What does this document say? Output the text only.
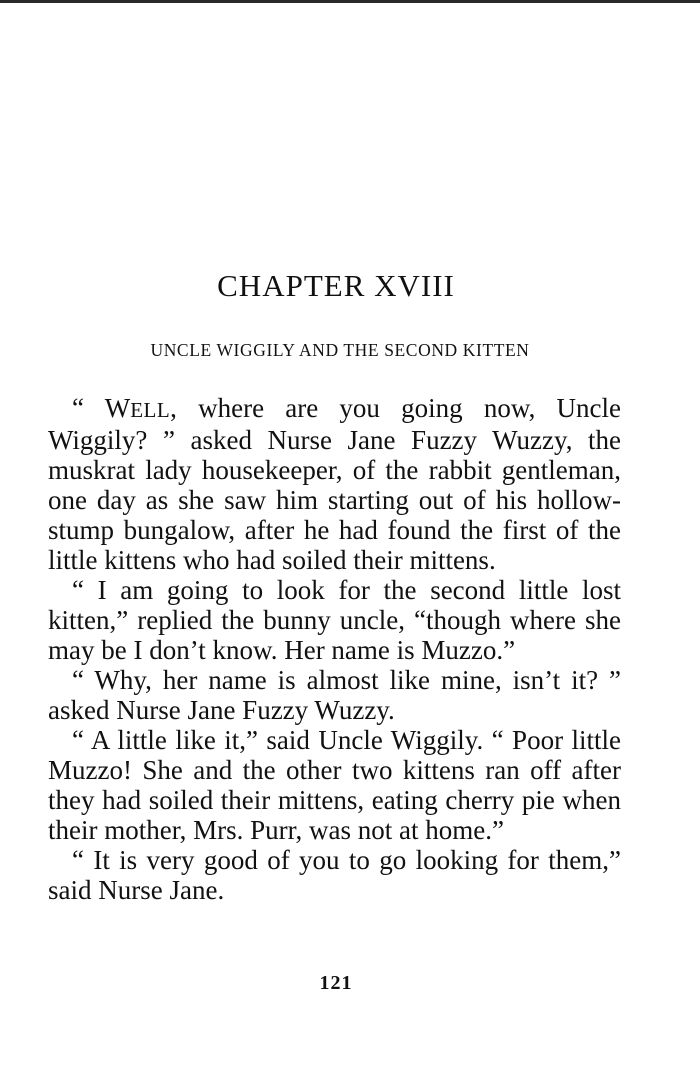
CHAPTER XVIII
UNCLE WIGGILY AND THE SECOND KITTEN

“ WELL, where are you going now, Uncle Wiggily? ” asked Nurse Jane Fuzzy Wuzzy, the muskrat lady housekeeper, of the rabbit gentleman, one day as she saw him starting out of his hollow-stump bungalow, after he had found the first of the little kittens who had soiled their mittens.

“ I am going to look for the second little lost kitten,” replied the bunny uncle, “though where she may be I don’t know. Her name is Muzzo.”

“ Why, her name is almost like mine, isn’t it? ” asked Nurse Jane Fuzzy Wuzzy.

“ A little like it,” said Uncle Wiggily. “ Poor little Muzzo! She and the other two kittens ran off after they had soiled their mittens, eating cherry pie when their mother, Mrs. Purr, was not at home.”

“ It is very good of you to go looking for them,” said Nurse Jane.

121
